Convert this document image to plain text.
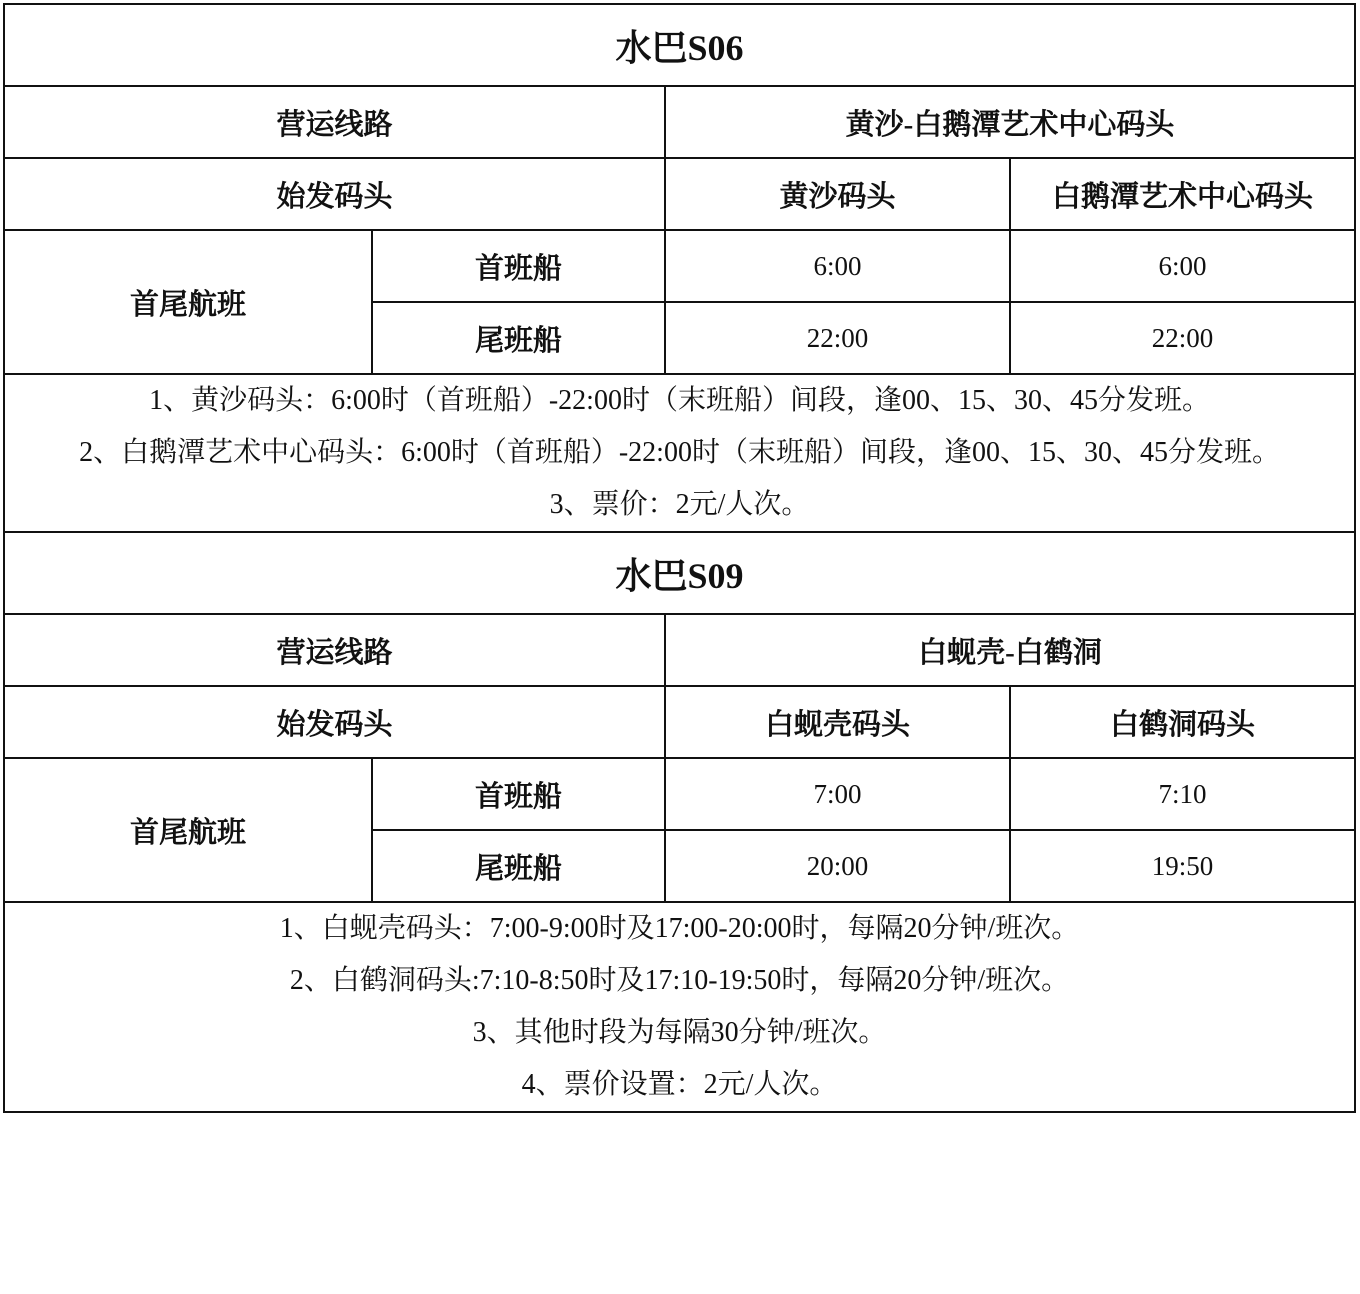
水巴S06			
营运线路		黄沙-白鹅潭艺术中心码头	
始发码头		黄沙码头	白鹅潭艺术中心码头
首尾航班	首班船	6:00	6:00
	尾班船	22:00	22:00

1、黄沙码头：6:00时（首班船）-22:00时（末班船）间段，逢00、15、30、45分发班。

2、白鹅潭艺术中心码头：6:00时（首班船）-22:00时（末班船）间段，逢00、15、30、45分发班。

3、票价：2元/人次。			

水巴S09			
营运线路		白蚬壳-白鹤洞	
始发码头		白蚬壳码头	白鹤洞码头
首尾航班	首班船	7:00	7:10
	尾班船	20:00	19:50

1、白蚬壳码头：7:00-9:00时及17:00-20:00时，每隔20分钟/班次。

2、白鹤洞码头:7:10-8:50时及17:10-19:50时，每隔20分钟/班次。

3、其他时段为每隔30分钟/班次。

4、票价设置：2元/人次。			
